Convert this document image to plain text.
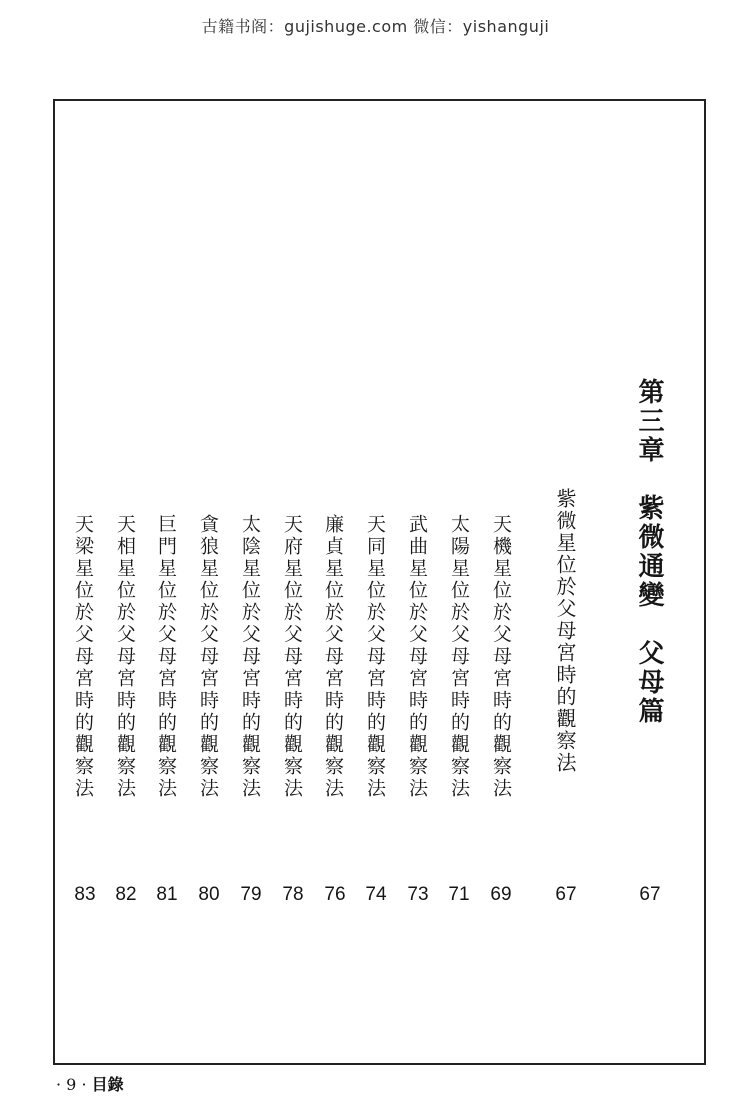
古籍书阁：gujishuge.com 微信：yishanguji
第三章　紫微通變　父母篇
67
紫微星位於父母宮時的觀察法
67
天機星位於父母宮時的觀察法
69
太陽星位於父母宮時的觀察法
71
武曲星位於父母宮時的觀察法
73
天同星位於父母宮時的觀察法
74
廉貞星位於父母宮時的觀察法
76
天府星位於父母宮時的觀察法
78
太陰星位於父母宮時的觀察法
79
貪狼星位於父母宮時的觀察法
80
巨門星位於父母宮時的觀察法
81
天相星位於父母宮時的觀察法
82
天梁星位於父母宮時的觀察法
83
· 9 · 目錄
